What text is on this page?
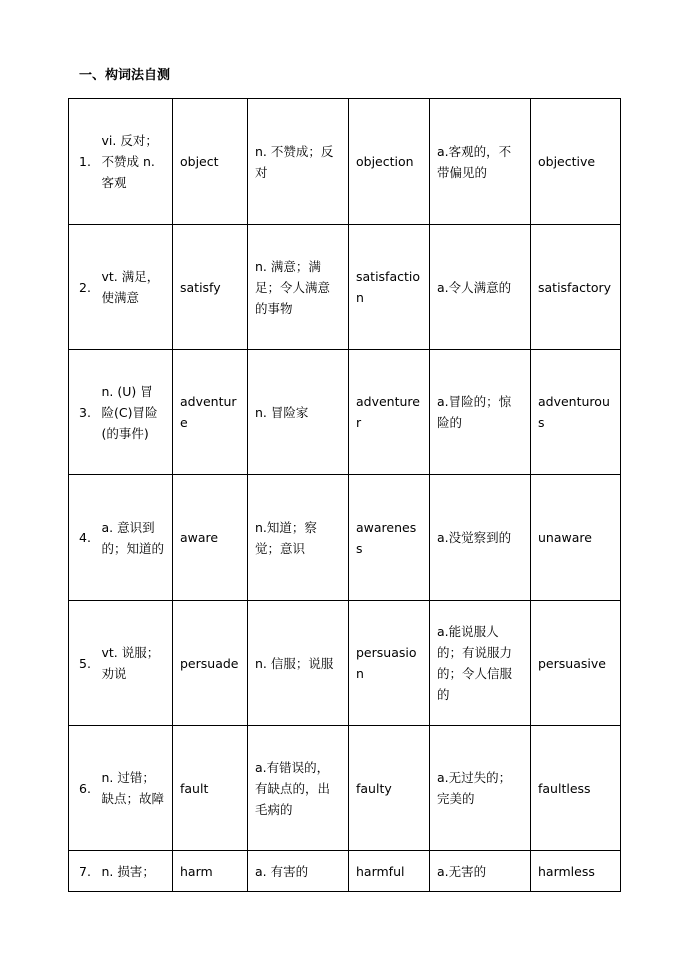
一、构词法自测
1.	vi. 反对； 不赞成 n. 客观	object	n. 不赞成；反对	objection	a.客观的，不带偏见的	objective
2.	vt. 满足，使满意	satisfy	n. 满意；满足；令人满意的事物	satisfaction	a.令人满意的	satisfactory
3.	n. (U) 冒险(C)冒险(的事件)	adventure	n. 冒险家	adventurer	a.冒险的；惊险的	adventurous
4.	a. 意识到的；知道的	aware	n.知道；察觉；意识	awareness	a.没觉察到的	unaware
5.	vt. 说服；劝说	persuade	n. 信服；说服	persuasion	a.能说服人的；有说服力的；令人信服的	persuasive
6.	n. 过错；缺点；故障	fault	a.有错误的，有缺点的，出毛病的	faulty	a.无过失的；完美的	faultless
7.	n. 损害；	harm	a. 有害的	harmful	a.无害的	harmless
